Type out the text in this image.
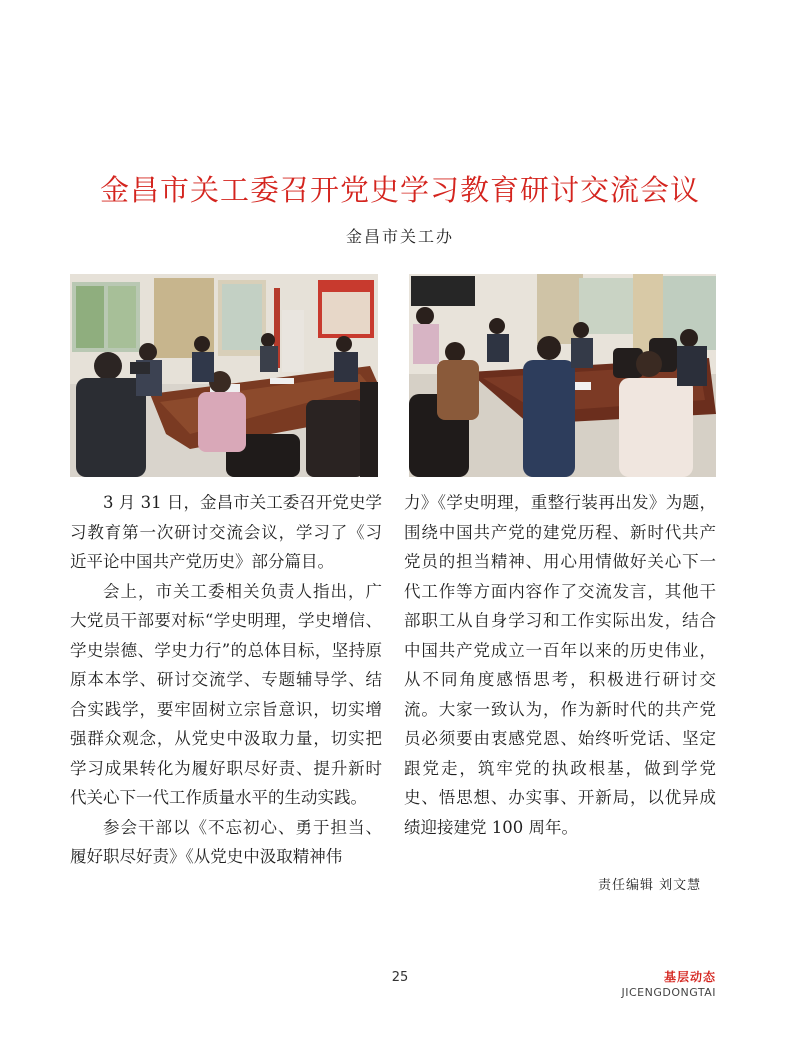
金昌市关工委召开党史学习教育研讨交流会议
金昌市关工办

3 月 31 日，金昌市关工委召开党史学习教育第一次研讨交流会议，学习了《习近平论中国共产党历史》部分篇目。

会上，市关工委相关负责人指出，广大党员干部要对标“学史明理，学史增信、学史崇德、学史力行”的总体目标，坚持原原本本学、研讨交流学、专题辅导学、结合实践学，要牢固树立宗旨意识，切实增强群众观念，从党史中汲取力量，切实把学习成果转化为履好职尽好责、提升新时代关心下一代工作质量水平的生动实践。

参会干部以《不忘初心、勇于担当、履好职尽好责》《从党史中汲取精神伟

力》《学史明理，重整行装再出发》为题，围绕中国共产党的建党历程、新时代共产党员的担当精神、用心用情做好关心下一代工作等方面内容作了交流发言，其他干部职工从自身学习和工作实际出发，结合中国共产党成立一百年以来的历史伟业，从不同角度感悟思考，积极进行研讨交流。大家一致认为，作为新时代的共产党员必须要由衷感党恩、始终听党话、坚定跟党走，筑牢党的执政根基，做到学党史、悟思想、办实事、开新局，以优异成绩迎接建党 100 周年。

责任编辑 刘文慧
25	基层动态
JICENGDONGTAI
